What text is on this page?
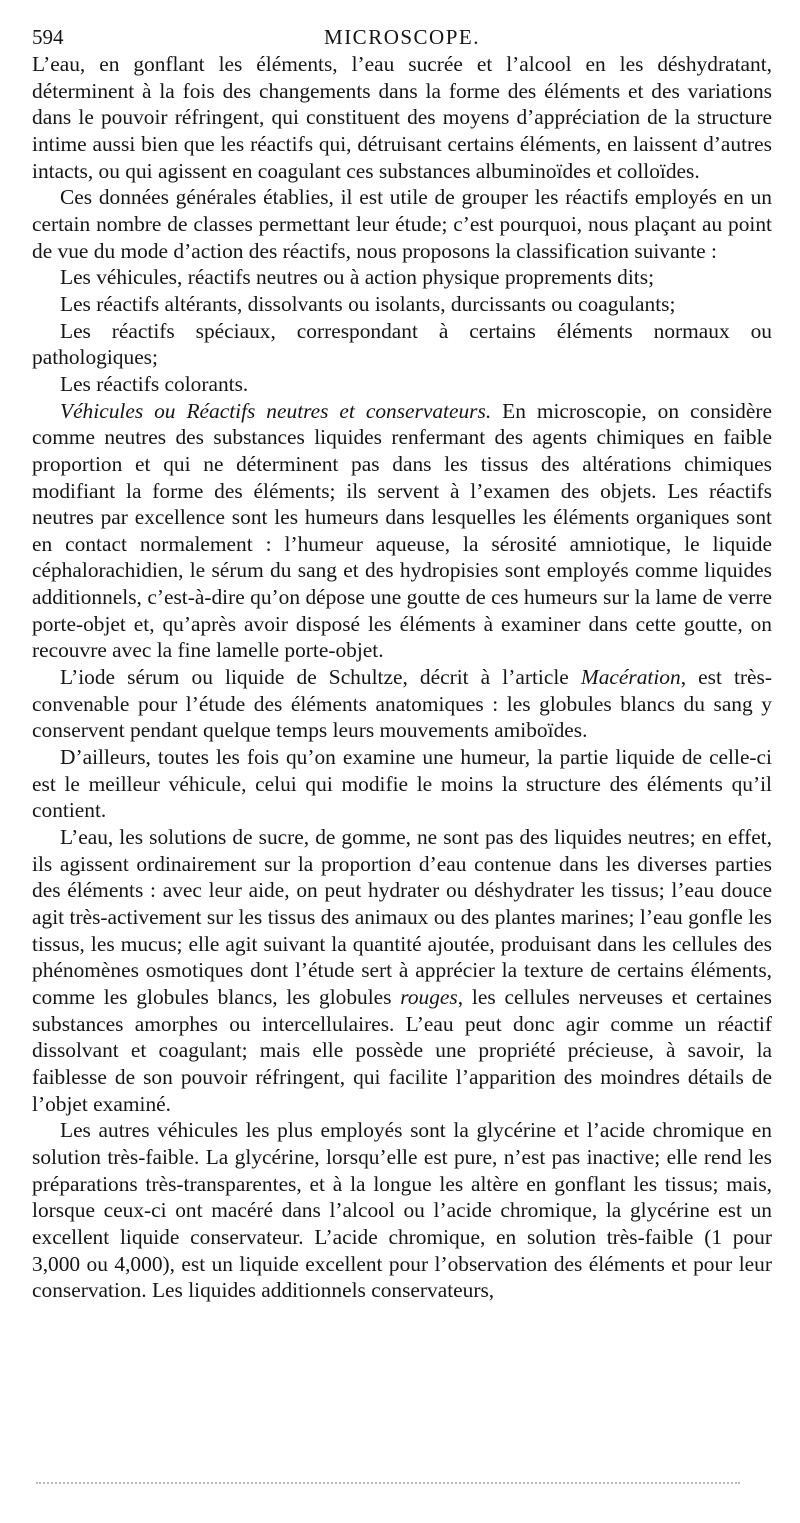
594	MICROSCOPE.

L’eau, en gonflant les éléments, l’eau sucrée et l’alcool en les déshydratant, déterminent à la fois des changements dans la forme des éléments et des variations dans le pouvoir réfringent, qui constituent des moyens d’appréciation de la structure intime aussi bien que les réactifs qui, détruisant certains éléments, en laissent d’autres intacts, ou qui agissent en coagulant ces substances albuminoïdes et colloïdes.

Ces données générales établies, il est utile de grouper les réactifs employés en un certain nombre de classes permettant leur étude; c’est pourquoi, nous plaçant au point de vue du mode d’action des réactifs, nous proposons la classification suivante :

Les véhicules, réactifs neutres ou à action physique proprements dits;

Les réactifs altérants, dissolvants ou isolants, durcissants ou coagulants;

Les réactifs spéciaux, correspondant à certains éléments normaux ou pathologiques;

Les réactifs colorants.

Véhicules ou Réactifs neutres et conservateurs. En microscopie, on considère comme neutres des substances liquides renfermant des agents chimiques en faible proportion et qui ne déterminent pas dans les tissus des altérations chimiques modifiant la forme des éléments; ils servent à l’examen des objets. Les réactifs neutres par excellence sont les humeurs dans lesquelles les éléments organiques sont en contact normalement : l’humeur aqueuse, la sérosité amniotique, le liquide céphalorachidien, le sérum du sang et des hydropisies sont employés comme liquides additionnels, c’est-à-dire qu’on dépose une goutte de ces humeurs sur la lame de verre porte-objet et, qu’après avoir disposé les éléments à examiner dans cette goutte, on recouvre avec la fine lamelle porte-objet.

L’iode sérum ou liquide de Schultze, décrit à l’article Macération, est très-convenable pour l’étude des éléments anatomiques : les globules blancs du sang y conservent pendant quelque temps leurs mouvements amiboïdes.

D’ailleurs, toutes les fois qu’on examine une humeur, la partie liquide de celle-ci est le meilleur véhicule, celui qui modifie le moins la structure des éléments qu’il contient.

L’eau, les solutions de sucre, de gomme, ne sont pas des liquides neutres; en effet, ils agissent ordinairement sur la proportion d’eau contenue dans les diverses parties des éléments : avec leur aide, on peut hydrater ou déshydrater les tissus; l’eau douce agit très-activement sur les tissus des animaux ou des plantes marines; l’eau gonfle les tissus, les mucus; elle agit suivant la quantité ajoutée, produisant dans les cellules des phénomènes osmotiques dont l’étude sert à apprécier la texture de certains éléments, comme les globules blancs, les globules rouges, les cellules nerveuses et certaines substances amorphes ou intercellulaires. L’eau peut donc agir comme un réactif dissolvant et coagulant; mais elle possède une propriété précieuse, à savoir, la faiblesse de son pouvoir réfringent, qui facilite l’apparition des moindres détails de l’objet examiné.

Les autres véhicules les plus employés sont la glycérine et l’acide chromique en solution très-faible. La glycérine, lorsqu’elle est pure, n’est pas inactive; elle rend les préparations très-transparentes, et à la longue les altère en gonflant les tissus; mais, lorsque ceux-ci ont macéré dans l’alcool ou l’acide chromique, la glycérine est un excellent liquide conservateur. L’acide chromique, en solution très-faible (1 pour 3,000 ou 4,000), est un liquide excellent pour l’observation des éléments et pour leur conservation. Les liquides additionnels conservateurs,
